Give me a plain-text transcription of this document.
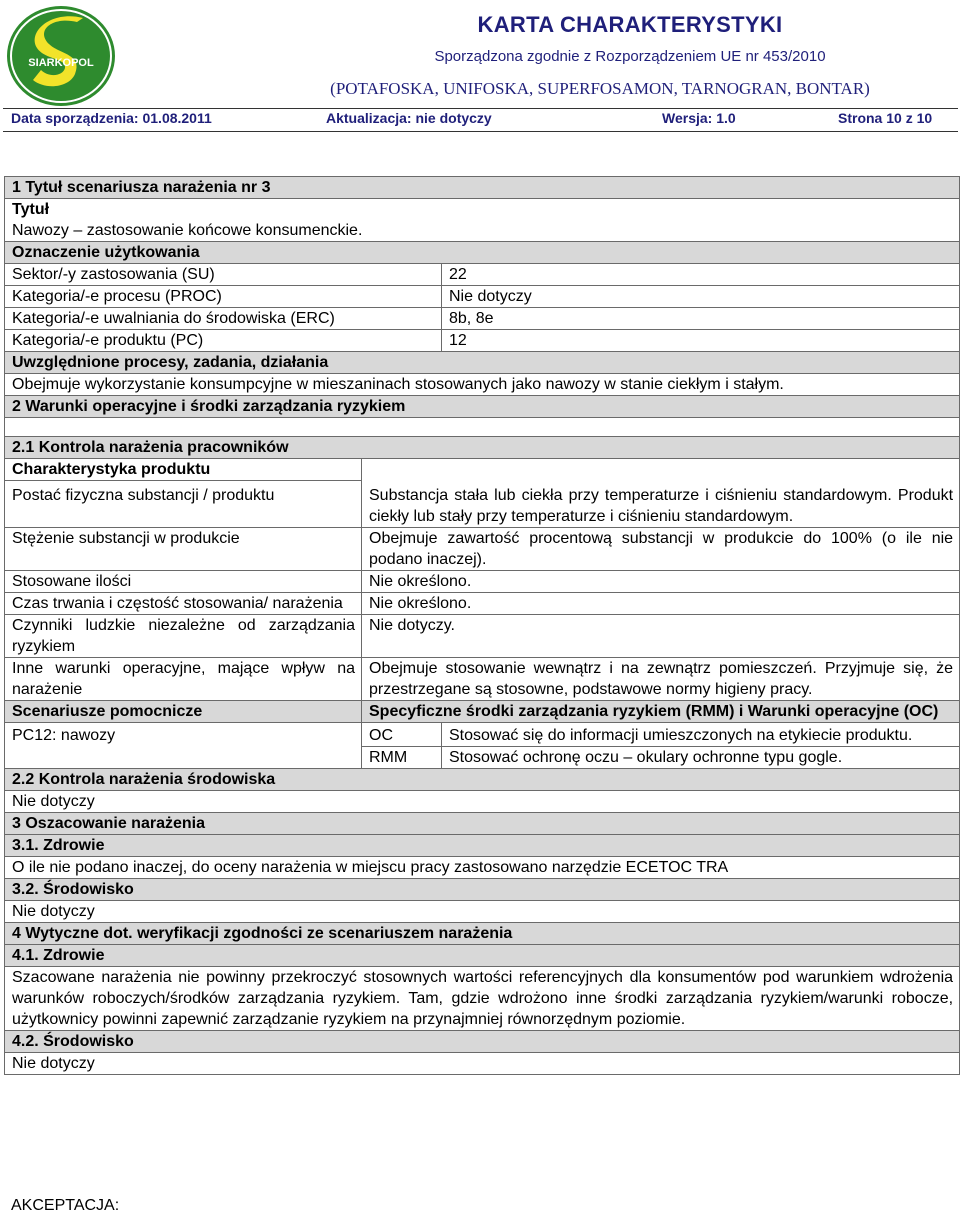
SIARKOPOL
KARTA CHARAKTERYSTYKI
Sporządzona zgodnie z Rozporządzeniem UE nr 453/2010
(POTAFOSKA, UNIFOSKA, SUPERFOSAMON, TARNOGRAN, BONTAR)
Data sporządzenia: 01.08.2011	Aktualizacja: nie dotyczy	Wersja: 1.0	Strona 10 z 10
1 Tytuł scenariusza narażenia nr 3		
Tytuł		
Nawozy – zastosowanie końcowe konsumenckie.		
Oznaczenie użytkowania		
Sektor/-y zastosowania (SU)		22
Kategoria/-e procesu (PROC)		Nie dotyczy
Kategoria/-e uwalniania do środowiska (ERC)		8b, 8e
Kategoria/-e produktu (PC)		12
Uwzględnione procesy, zadania, działania		
Obejmuje wykorzystanie konsumpcyjne w mieszaninach stosowanych jako nawozy w stanie ciekłym i stałym.		
2 Warunki operacyjne i środki zarządzania ryzykiem		

2.1 Kontrola narażenia pracowników		
Charakterystyka produktu		
Postać fizyczna substancji / produktu	Substancja stała lub ciekła przy temperaturze i ciśnieniu standardowym. Produkt ciekły lub stały przy temperaturze i ciśnieniu standardowym.	
Stężenie substancji w produkcie	Obejmuje zawartość procentową substancji w produkcie do 100% (o ile nie podano inaczej).	
Stosowane ilości	Nie określono.	
Czas trwania i częstość stosowania/ narażenia	Nie określono.	
Czynniki ludzkie niezależne od zarządzania ryzykiem	Nie dotyczy.	
Inne warunki operacyjne, mające wpływ na narażenie	Obejmuje stosowanie wewnątrz i na zewnątrz pomieszczeń. Przyjmuje się, że przestrzegane są stosowne, podstawowe normy higieny pracy.	
Scenariusze pomocnicze	Specyficzne środki zarządzania ryzykiem (RMM) i Warunki operacyjne (OC)	
PC12: nawozy	OC	Stosować się do informacji umieszczonych na etykiecie produktu.
	RMM	Stosować ochronę oczu – okulary ochronne typu gogle.
2.2 Kontrola narażenia środowiska		
Nie dotyczy		
3 Oszacowanie narażenia		
3.1. Zdrowie		
O ile nie podano inaczej, do oceny narażenia w miejscu pracy zastosowano narzędzie ECETOC TRA		
3.2. Środowisko		
Nie dotyczy		
4 Wytyczne dot. weryfikacji zgodności ze scenariuszem narażenia		
4.1. Zdrowie		
Szacowane narażenia nie powinny przekroczyć stosownych wartości referencyjnych dla konsumentów pod warunkiem wdrożenia warunków roboczych/środków zarządzania ryzykiem. Tam, gdzie wdrożono inne środki zarządzania ryzykiem/warunki robocze, użytkownicy powinni zapewnić zarządzanie ryzykiem na przynajmniej równorzędnym poziomie.		
4.2. Środowisko		
Nie dotyczy		
AKCEPTACJA:
